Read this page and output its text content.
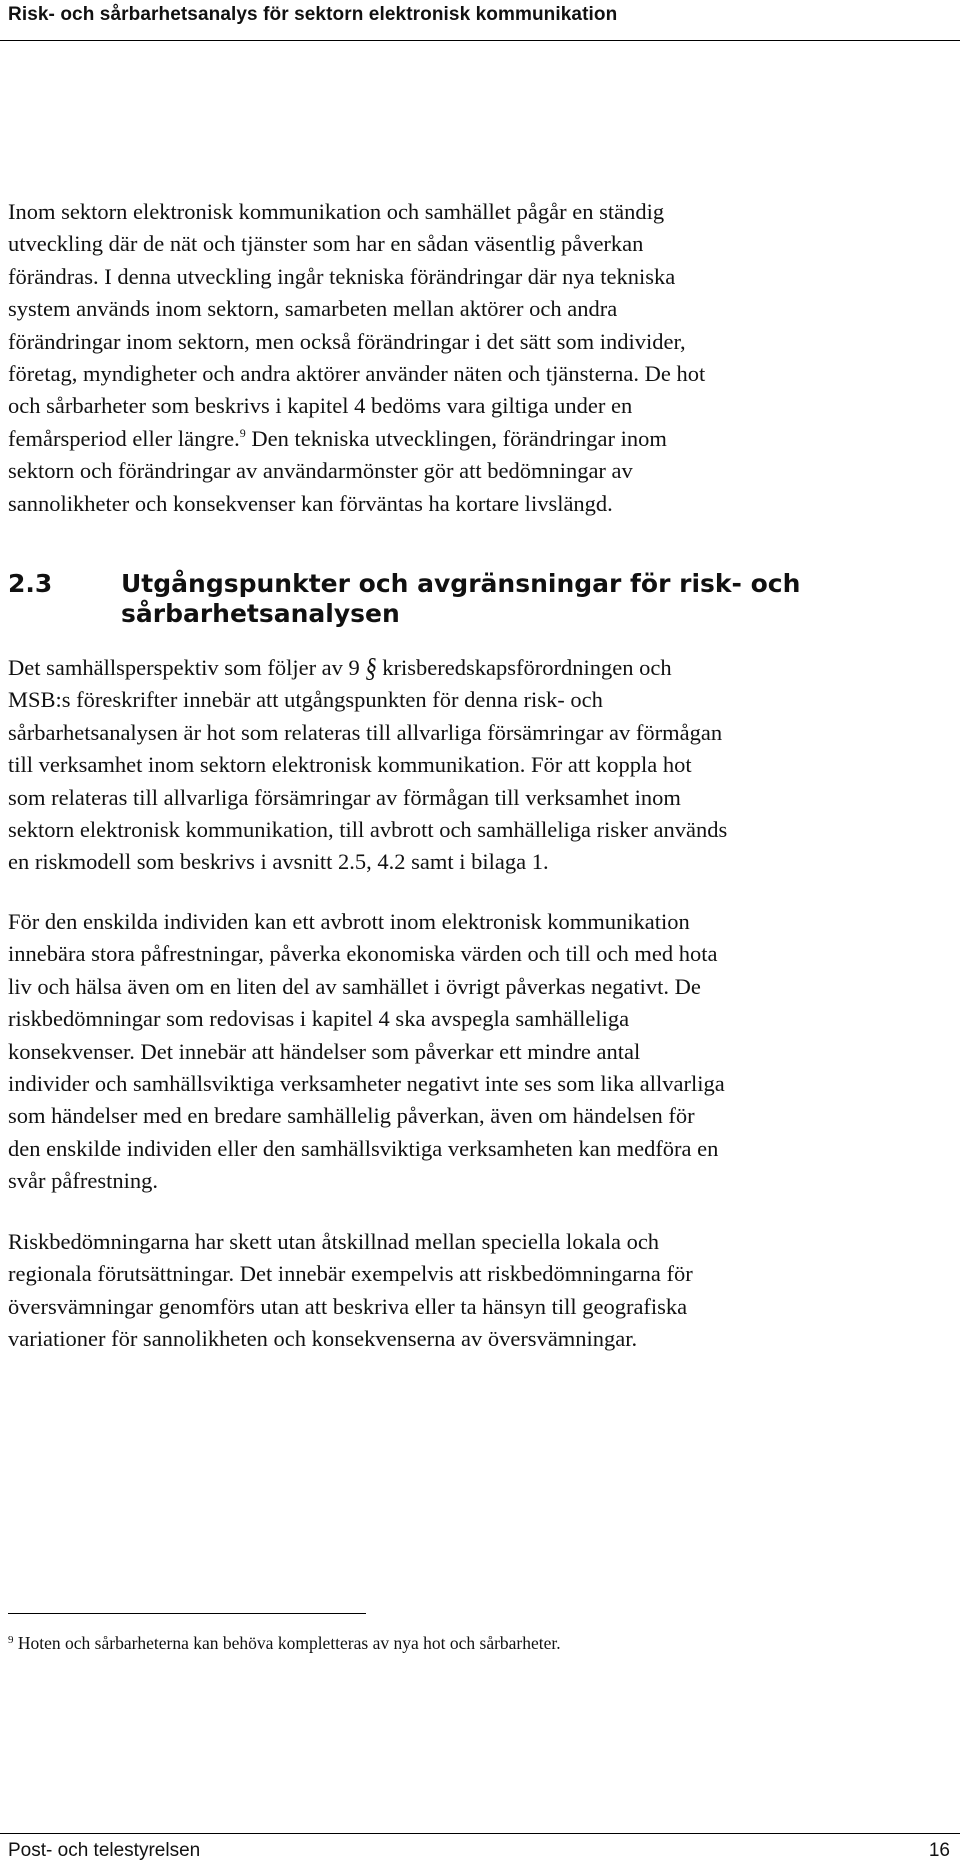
Risk- och sårbarhetsanalys för sektorn elektronisk kommunikation

Inom sektorn elektronisk kommunikation och samhället pågår en ständig
utveckling där de nät och tjänster som har en sådan väsentlig påverkan
förändras. I denna utveckling ingår tekniska förändringar där nya tekniska
system används inom sektorn, samarbeten mellan aktörer och andra
förändringar inom sektorn, men också förändringar i det sätt som individer,
företag, myndigheter och andra aktörer använder näten och tjänsterna. De hot
och sårbarheter som beskrivs i kapitel 4 bedöms vara giltiga under en
femårsperiod eller längre.$^9$ Den tekniska utvecklingen, förändringar inom
sektorn och förändringar av användarmönster gör att bedömningar av
sannolikheter och konsekvenser kan förväntas ha kortare livslängd.

2.3	Utgångspunkter och avgränsningar för risk- och
sårbarhetsanalysen

Det samhällsperspektiv som följer av 9 § krisberedskapsförordningen och
MSB:s föreskrifter innebär att utgångspunkten för denna risk- och
sårbarhetsanalysen är hot som relateras till allvarliga försämringar av förmågan
till verksamhet inom sektorn elektronisk kommunikation. För att koppla hot
som relateras till allvarliga försämringar av förmågan till verksamhet inom
sektorn elektronisk kommunikation, till avbrott och samhälleliga risker används
en riskmodell som beskrivs i avsnitt 2.5, 4.2 samt i bilaga 1.

För den enskilda individen kan ett avbrott inom elektronisk kommunikation
innebära stora påfrestningar, påverka ekonomiska värden och till och med hota
liv och hälsa även om en liten del av samhället i övrigt påverkas negativt. De
riskbedömningar som redovisas i kapitel 4 ska avspegla samhälleliga
konsekvenser. Det innebär att händelser som påverkar ett mindre antal
individer och samhällsviktiga verksamheter negativt inte ses som lika allvarliga
som händelser med en bredare samhällelig påverkan, även om händelsen för
den enskilde individen eller den samhällsviktiga verksamheten kan medföra en
svår påfrestning.

Riskbedömningarna har skett utan åtskillnad mellan speciella lokala och
regionala förutsättningar. Det innebär exempelvis att riskbedömningarna för
översvämningar genomförs utan att beskriva eller ta hänsyn till geografiska
variationer för sannolikheten och konsekvenserna av översvämningar.

$^9$ Hoten och sårbarheterna kan behöva kompletteras av nya hot och sårbarheter.
Post- och telestyrelsen	16
